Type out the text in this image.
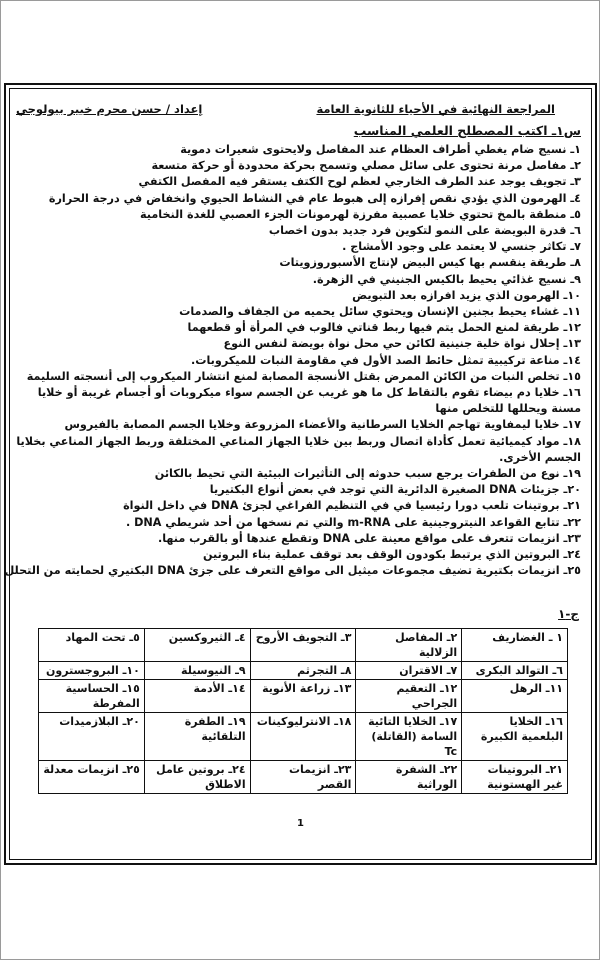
المراجعة النهائية في الأحياء للثانوية العامة
إعداد / حسن محرم خبير بيولوجي
س١ـ اكتب المصطلح العلمي المناسب
١ـ نسيج ضام يغطي أطراف العظام عند المفاصل ولايحتوى شعيرات دموية
٢ـ مفاصل مرنة تحتوى على سائل مصلي وتسمح بحركة محدودة أو حركة متسعة
٣ـ تجويف يوجد عند الطرف الخارجي لعظم لوح الكتف يستقر فيه المفصل الكتفي
٤ـ الهرمون الذي يؤدي نقص إفرازه إلى هبوط عام في النشاط الحيوي وانخفاض في درجة الحرارة
٥ـ منطقة بالمخ تحتوي خلايا عصبية مفرزة لهرمونات الجزء العصبي للغدة النخامية
٦ـ قدرة البويضة على النمو لتكوين فرد جديد بدون اخصاب
٧ـ تكاثر جنسي لا يعتمد على وجود الأمشاج .
٨ـ طريقة ينقسم بها كيس البيض لإنتاج الأسبوروزويتات
٩ـ نسيج غذائي يحيط بالكيس الجنيني في الزهرة.
١٠ـ الهرمون الذي يزيد افرازه بعد التبويض
١١ـ غشاء يحيط بجنين الإنسان ويحتوي سائل يحميه من الجفاف والصدمات
١٢ـ طريقة لمنع الحمل يتم فيها ربط قناتي فالوب في المرأة أو قطعهما
١٣ـ إحلال نواة خلية جنينية لكائن حي محل نواة بويضة لنفس النوع
١٤ـ مناعة تركيبية تمثل حائط الصد الأول في مقاومة النبات للميكروبات.
١٥ـ تخلص النبات من الكائن الممرض بقتل الأنسجة المصابة لمنع انتشار الميكروب إلى أنسجته السليمة
١٦ـ خلايا دم بيضاء تقوم بالتقاط كل ما هو غريب عن الجسم سواء ميكروبات أو أجسام غريبة أو خلايا مسنة ويحللها للتخلص منها
١٧ـ خلايا ليمفاوية تهاجم الخلايا السرطانية والأعضاء المزروعة وخلايا الجسم المصابة بالفيروس
١٨ـ مواد كيميائية تعمل كأداة اتصال وربط بين خلايا الجهاز المناعي المختلفة وربط الجهاز المناعي بخلايا الجسم الأخرى.
١٩ـ نوع من الطفرات يرجع سبب حدوثه إلى التأثيرات البيئية التي تحيط بالكائن
٢٠ـ جزيئات DNA الصغيرة الدائرية التي توجد في بعض أنواع البكتيريا
٢١ـ بروتينات تلعب دورا رئيسيا في في التنظيم الفراغي لجزئ DNA في داخل النواة
٢٢ـ تتابع القواعد النيتروجينية على m-RNA والتي تم نسخها من أحد شريطي DNA .
٢٣ـ انزيمات تتعرف على مواقع معينة على DNA وتقطع عندها أو بالقرب منها.
٢٤ـ البروتين الذي يرتبط بكودون الوقف بعد توقف عملية بناء البروتين
٢٥ـ انزيمات بكتيرية تضيف مجموعات ميثيل الى مواقع التعرف على جزئ DNA البكتيري لحمايته من التحلل
ج-١
١ ـ الغضاريف	٢ـ المفاصل الزلالية	٣ـ التجويف الأروح	٤ـ الثيروكسين	٥ـ تحت المهاد
٦ـ التوالد البكرى	٧ـ الاقتران	٨ـ التجرثم	٩ـ النيوسيلة	١٠ـ البروجسترون
١١ـ الرهل	١٢ـ التعقيم الجراحي	١٣ـ زراعة الأنوية	١٤ـ الأدمة	١٥ـ الحساسية المفرطة
١٦ـ الخلايا البلعمية الكبيرة	١٧ـ الخلايا التائية السامة (القاتلة) Tc	١٨ـ الانترليوكينات	١٩ـ الطفرة التلقائية	٢٠ـ البلازميدات
٢١ـ البروتينات غير الهستونية	٢٢ـ الشفرة الوراثية	٢٣ـ انزيمات القصر	٢٤ـ بروتين عامل الاطلاق	٢٥ـ انزيمات معدلة
1
